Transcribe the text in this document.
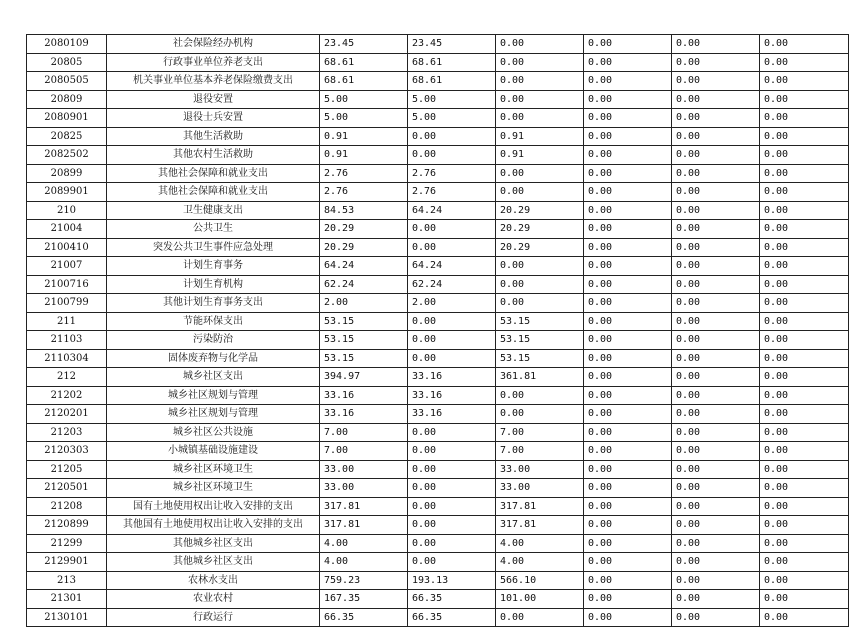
2080109	社会保险经办机构	23.45	23.45	0.00	0.00	0.00	0.00
20805	行政事业单位养老支出	68.61	68.61	0.00	0.00	0.00	0.00
2080505	机关事业单位基本养老保险缴费支出	68.61	68.61	0.00	0.00	0.00	0.00
20809	退役安置	5.00	5.00	0.00	0.00	0.00	0.00
2080901	退役士兵安置	5.00	5.00	0.00	0.00	0.00	0.00
20825	其他生活救助	0.91	0.00	0.91	0.00	0.00	0.00
2082502	其他农村生活救助	0.91	0.00	0.91	0.00	0.00	0.00
20899	其他社会保障和就业支出	2.76	2.76	0.00	0.00	0.00	0.00
2089901	其他社会保障和就业支出	2.76	2.76	0.00	0.00	0.00	0.00
210	卫生健康支出	84.53	64.24	20.29	0.00	0.00	0.00
21004	公共卫生	20.29	0.00	20.29	0.00	0.00	0.00
2100410	突发公共卫生事件应急处理	20.29	0.00	20.29	0.00	0.00	0.00
21007	计划生育事务	64.24	64.24	0.00	0.00	0.00	0.00
2100716	计划生育机构	62.24	62.24	0.00	0.00	0.00	0.00
2100799	其他计划生育事务支出	2.00	2.00	0.00	0.00	0.00	0.00
211	节能环保支出	53.15	0.00	53.15	0.00	0.00	0.00
21103	污染防治	53.15	0.00	53.15	0.00	0.00	0.00
2110304	固体废弃物与化学品	53.15	0.00	53.15	0.00	0.00	0.00
212	城乡社区支出	394.97	33.16	361.81	0.00	0.00	0.00
21202	城乡社区规划与管理	33.16	33.16	0.00	0.00	0.00	0.00
2120201	城乡社区规划与管理	33.16	33.16	0.00	0.00	0.00	0.00
21203	城乡社区公共设施	7.00	0.00	7.00	0.00	0.00	0.00
2120303	小城镇基础设施建设	7.00	0.00	7.00	0.00	0.00	0.00
21205	城乡社区环境卫生	33.00	0.00	33.00	0.00	0.00	0.00
2120501	城乡社区环境卫生	33.00	0.00	33.00	0.00	0.00	0.00
21208	国有土地使用权出让收入安排的支出	317.81	0.00	317.81	0.00	0.00	0.00
2120899	其他国有土地使用权出让收入安排的支出	317.81	0.00	317.81	0.00	0.00	0.00
21299	其他城乡社区支出	4.00	0.00	4.00	0.00	0.00	0.00
2129901	其他城乡社区支出	4.00	0.00	4.00	0.00	0.00	0.00
213	农林水支出	759.23	193.13	566.10	0.00	0.00	0.00
21301	农业农村	167.35	66.35	101.00	0.00	0.00	0.00
2130101	行政运行	66.35	66.35	0.00	0.00	0.00	0.00
